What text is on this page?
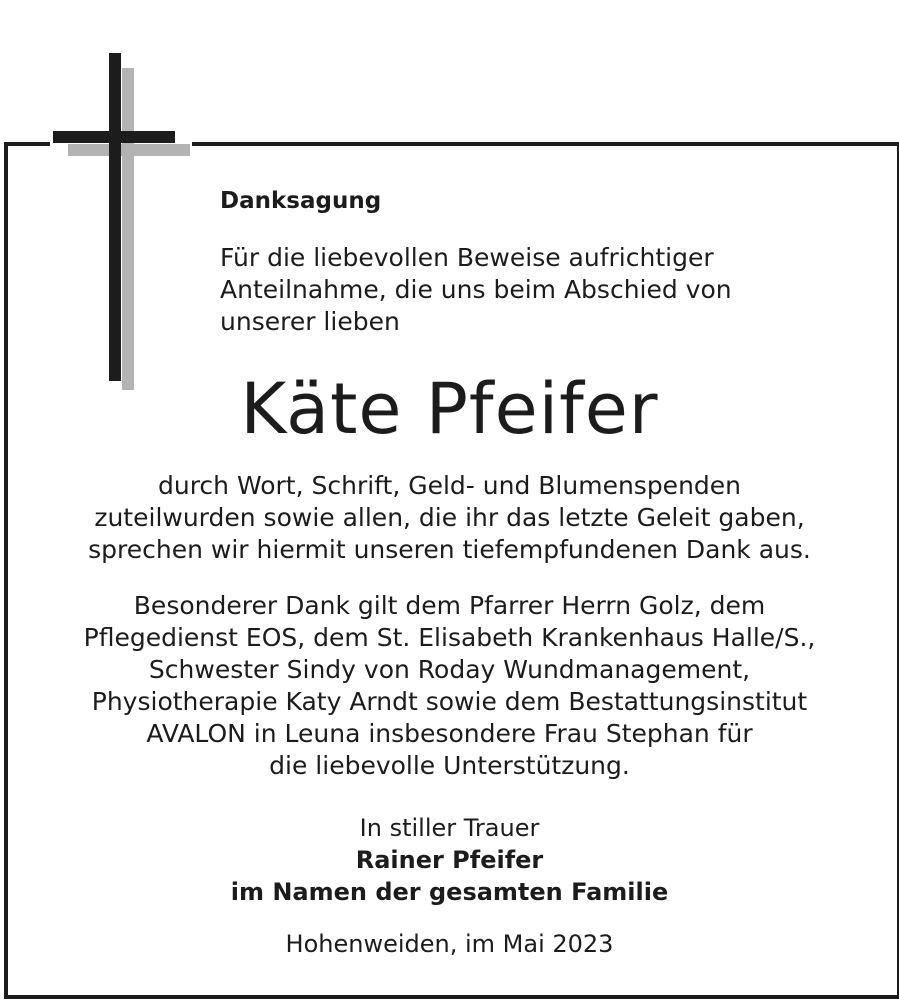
Danksagung
Für die liebevollen Beweise aufrichtiger
Anteilnahme, die uns beim Abschied von
unserer lieben
Käte Pfeifer
durch Wort, Schrift, Geld- und Blumenspenden
zuteilwurden sowie allen, die ihr das letzte Geleit gaben,
sprechen wir hiermit unseren tiefempfundenen Dank aus.
Besonderer Dank gilt dem Pfarrer Herrn Golz, dem
Pflegedienst EOS, dem St. Elisabeth Krankenhaus Halle/S.,
Schwester Sindy von Roday Wundmanagement,
Physiotherapie Katy Arndt sowie dem Bestattungsinstitut
AVALON in Leuna insbesondere Frau Stephan für
die liebevolle Unterstützung.
In stiller Trauer
Rainer Pfeifer
im Namen der gesamten Familie
Hohenweiden, im Mai 2023
